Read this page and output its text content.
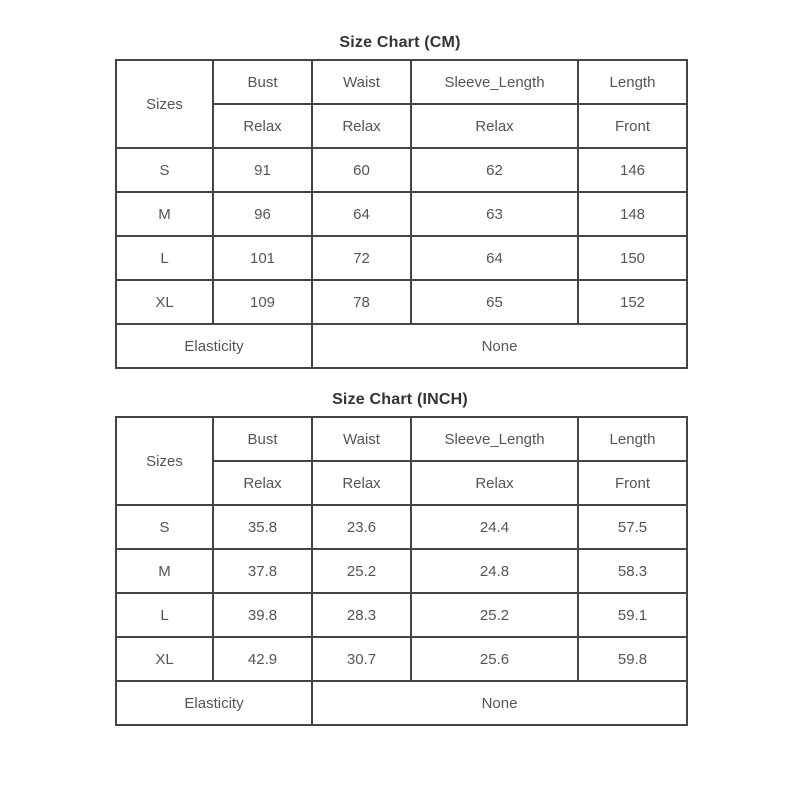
Size Chart (CM)
Sizes	Bust	Waist	Sleeve_Length	Length
	Relax	Relax	Relax	Front
S	91	60	62	146
M	96	64	63	148
L	101	72	64	150
XL	109	78	65	152
Elasticity		None		
Size Chart (INCH)
Sizes	Bust	Waist	Sleeve_Length	Length
	Relax	Relax	Relax	Front
S	35.8	23.6	24.4	57.5
M	37.8	25.2	24.8	58.3
L	39.8	28.3	25.2	59.1
XL	42.9	30.7	25.6	59.8
Elasticity		None		
